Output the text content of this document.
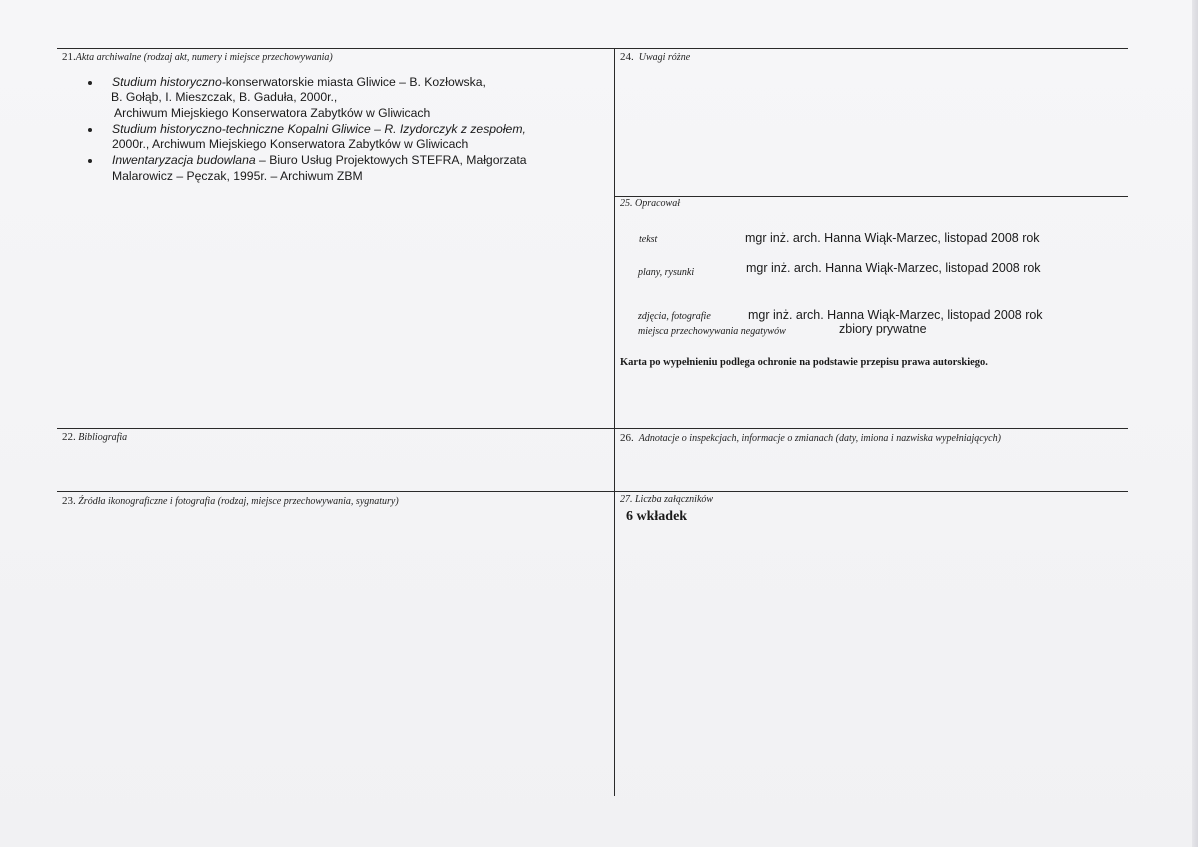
21.Akta archiwalne (rodzaj akt, numery i miejsce przechowywania)
Studium historyczno-konserwatorskie miasta Gliwice – B. Kozłowska,
B. Gołąb, I. Mieszczak, B. Gaduła, 2000r.,
Archiwum Miejskiego Konserwatora Zabytków w Gliwicach
Studium historyczno-techniczne Kopalni Gliwice – R. Izydorczyk z zespołem,
2000r., Archiwum Miejskiego Konserwatora Zabytków w Gliwicach
Inwentaryzacja budowlana – Biuro Usług Projektowych STEFRA, Małgorzata
Malarowicz – Pęczak, 1995r. – Archiwum ZBM
24. Uwagi różne
25. Opracował
tekst	mgr inż. arch. Hanna Wiąk-Marzec, listopad 2008 rok
plany, rysunki	mgr inż. arch. Hanna Wiąk-Marzec, listopad 2008 rok
zdjęcia, fotografie	mgr inż. arch. Hanna Wiąk-Marzec, listopad 2008 rok
miejsca przechowywania negatywów	zbiory prywatne
Karta po wypełnieniu podlega ochronie na podstawie przepisu prawa autorskiego.
22. Bibliografia	26. Adnotacje o inspekcjach, informacje o zmianach (daty, imiona i nazwiska wypełniających)
23. Źródła ikonograficzne i fotografia (rodzaj, miejsce przechowywania, sygnatury)	27. Liczba załączników
6 wkładek
